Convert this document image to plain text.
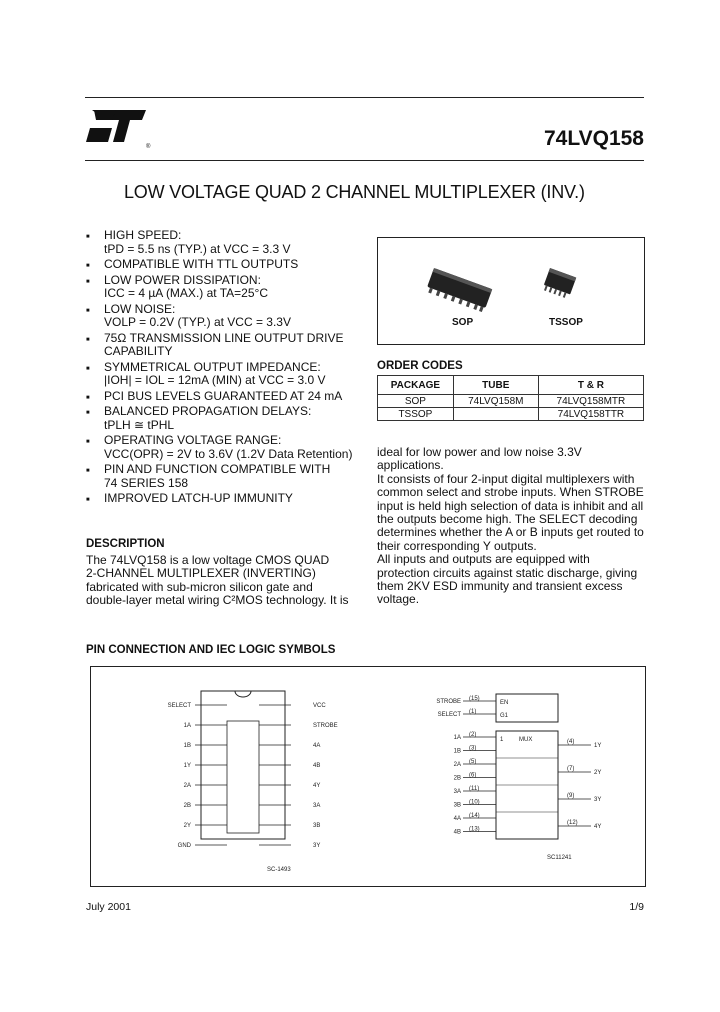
®	74LVQ158
LOW VOLTAGE QUAD 2 CHANNEL MULTIPLEXER (INV.)
■ HIGH SPEED:
tPD = 5.5 ns (TYP.) at VCC = 3.3 V
■ COMPATIBLE WITH TTL OUTPUTS
■ LOW POWER DISSIPATION:
ICC = 4 µA (MAX.) at TA=25°C
■ LOW NOISE:
VOLP = 0.2V (TYP.) at VCC = 3.3V
■ 75Ω TRANSMISSION LINE OUTPUT DRIVE
CAPABILITY
■ SYMMETRICAL OUTPUT IMPEDANCE:
|IOH| = IOL = 12mA (MIN) at VCC = 3.0 V
■ PCI BUS LEVELS GUARANTEED AT 24 mA
■ BALANCED PROPAGATION DELAYS:
tPLH ≅ tPHL
■ OPERATING VOLTAGE RANGE:
VCC(OPR) = 2V to 3.6V (1.2V Data Retention)
■ PIN AND FUNCTION COMPATIBLE WITH
74 SERIES 158
■ IMPROVED LATCH-UP IMMUNITY
SOP	TSSOP
ORDER CODES
PACKAGE	TUBE	T & R
SOP	74LVQ158M	74LVQ158MTR
TSSOP		74LVQ158TTR
DESCRIPTION
The 74LVQ158 is a low voltage CMOS QUAD
2-CHANNEL MULTIPLEXER (INVERTING)
fabricated with sub-micron silicon gate and
double-layer metal wiring C²MOS technology. It is
ideal for low power and low noise 3.3V
applications.
It consists of four 2-input digital multiplexers with
common select and strobe inputs. When STROBE
input is held high selection of data is inhibit and all
the outputs become high. The SELECT decoding
determines whether the A or B inputs get routed to
their corresponding Y outputs.
All inputs and outputs are equipped with
protection circuits against static discharge, giving
them 2KV ESD immunity and transient excess
voltage.
PIN CONNECTION AND IEC LOGIC SYMBOLS
SELECT
1A
1B
1Y
2A
2B
2Y
GND
VCC
STROBE
4A
4B
4Y
3A
3B
3Y
SC-1493
EN
G1
1	MUX
STROBE (15)
SELECT (1)
1A (2)
1B (3)
2A (5)
2B (6)
3A (11)
3B (10)
4A (14)
4B (13)
1Y
(4)
2Y
(7)
3Y
(9)
4Y
(12)
SC11241
July 2001	1/9
